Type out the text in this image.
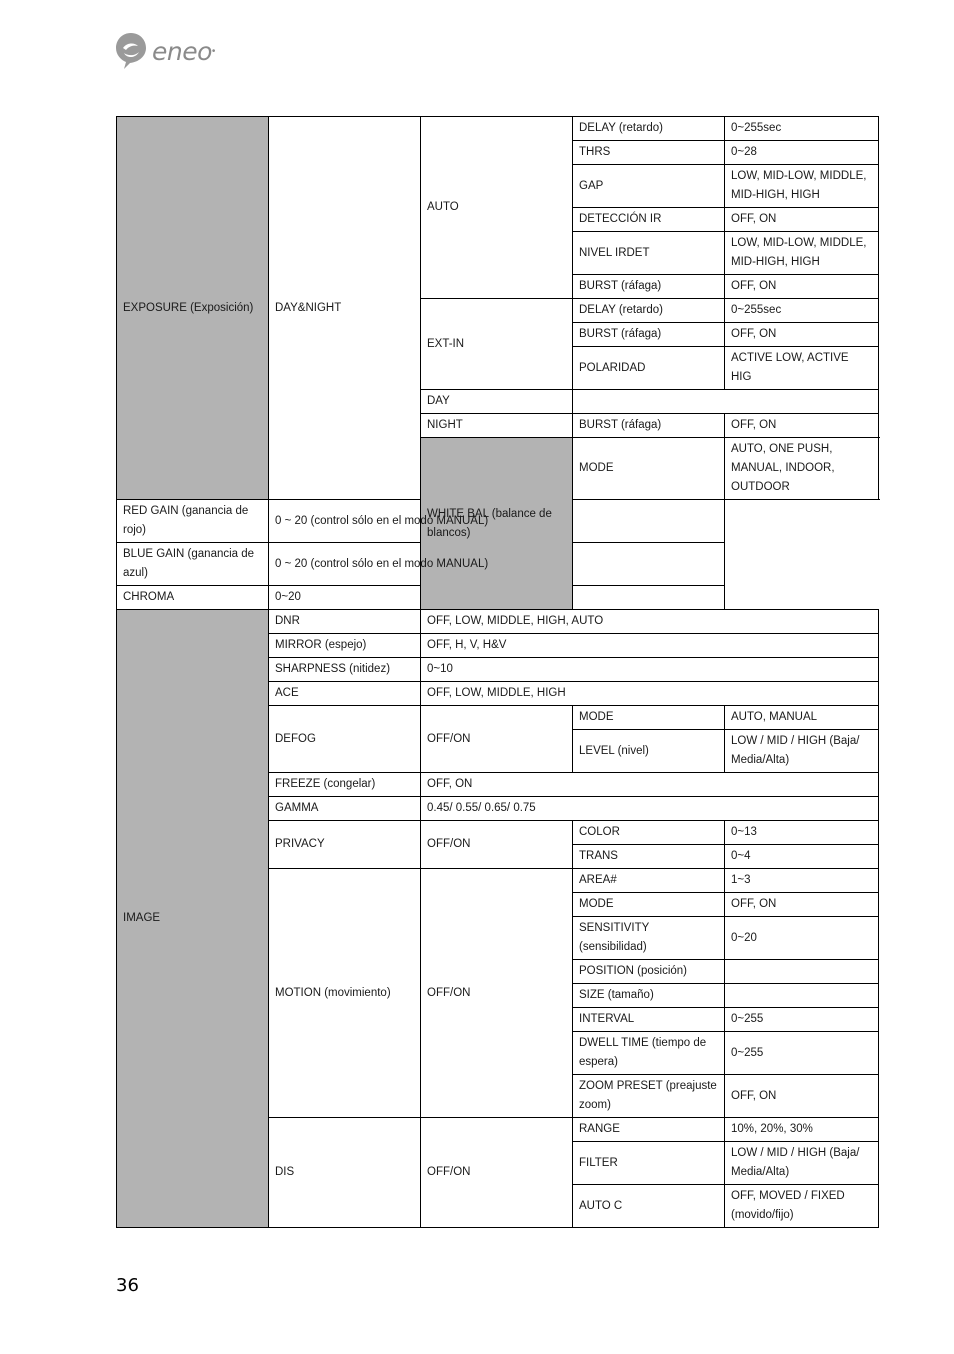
eneo •
EXPOSURE (Exposición)	DAY&NIGHT	AUTO	DELAY (retardo)	0~255sec
			THRS	0~28
			GAP	LOW, MID-LOW, MIDDLE, MID-HIGH, HIGH
			DETECCIÓN IR	OFF, ON
			NIVEL IRDET	LOW, MID-LOW, MIDDLE, MID-HIGH, HIGH
			BURST (ráfaga)	OFF, ON
		EXT-IN	DELAY (retardo)	0~255sec
			BURST (ráfaga)	OFF, ON
			POLARIDAD	ACTIVE LOW, ACTIVE HIG
		DAY		
		NIGHT	BURST (ráfaga)	OFF, ON
		WHITE BAL (balance de blancos)	MODE	AUTO, ONE PUSH, MANUAL, INDOOR, OUTDOOR
RED GAIN (ganancia de rojo)	0 ~ 20 (control sólo en el modo MANUAL)			
BLUE GAIN (ganancia de azul)	0 ~ 20 (control sólo en el modo MANUAL)			
CHROMA	0~20			
IMAGE	DNR	OFF, LOW, MIDDLE, HIGH, AUTO		
	MIRROR (espejo)	OFF, H, V, H&V		
	SHARPNESS (nitidez)	0~10		
	ACE	OFF, LOW, MIDDLE, HIGH		
	DEFOG	OFF/ON	MODE	AUTO, MANUAL
			LEVEL (nivel)	LOW / MID / HIGH (Baja/ Media/Alta)
	FREEZE (congelar)	OFF, ON		
	GAMMA	0.45/ 0.55/ 0.65/ 0.75		
	PRIVACY	OFF/ON	COLOR	0~13
			TRANS	0~4
	MOTION (movimiento)	OFF/ON	AREA#	1~3
			MODE	OFF, ON
			SENSITIVITY (sensibilidad)	0~20
			POSITION (posición)	
			SIZE (tamaño)	
			INTERVAL	0~255
			DWELL TIME (tiempo de espera)	0~255
			ZOOM PRESET (preajuste zoom)	OFF, ON
	DIS	OFF/ON	RANGE	10%, 20%, 30%
			FILTER	LOW / MID / HIGH (Baja/ Media/Alta)
			AUTO C	OFF, MOVED / FIXED (movido/fijo)
36
